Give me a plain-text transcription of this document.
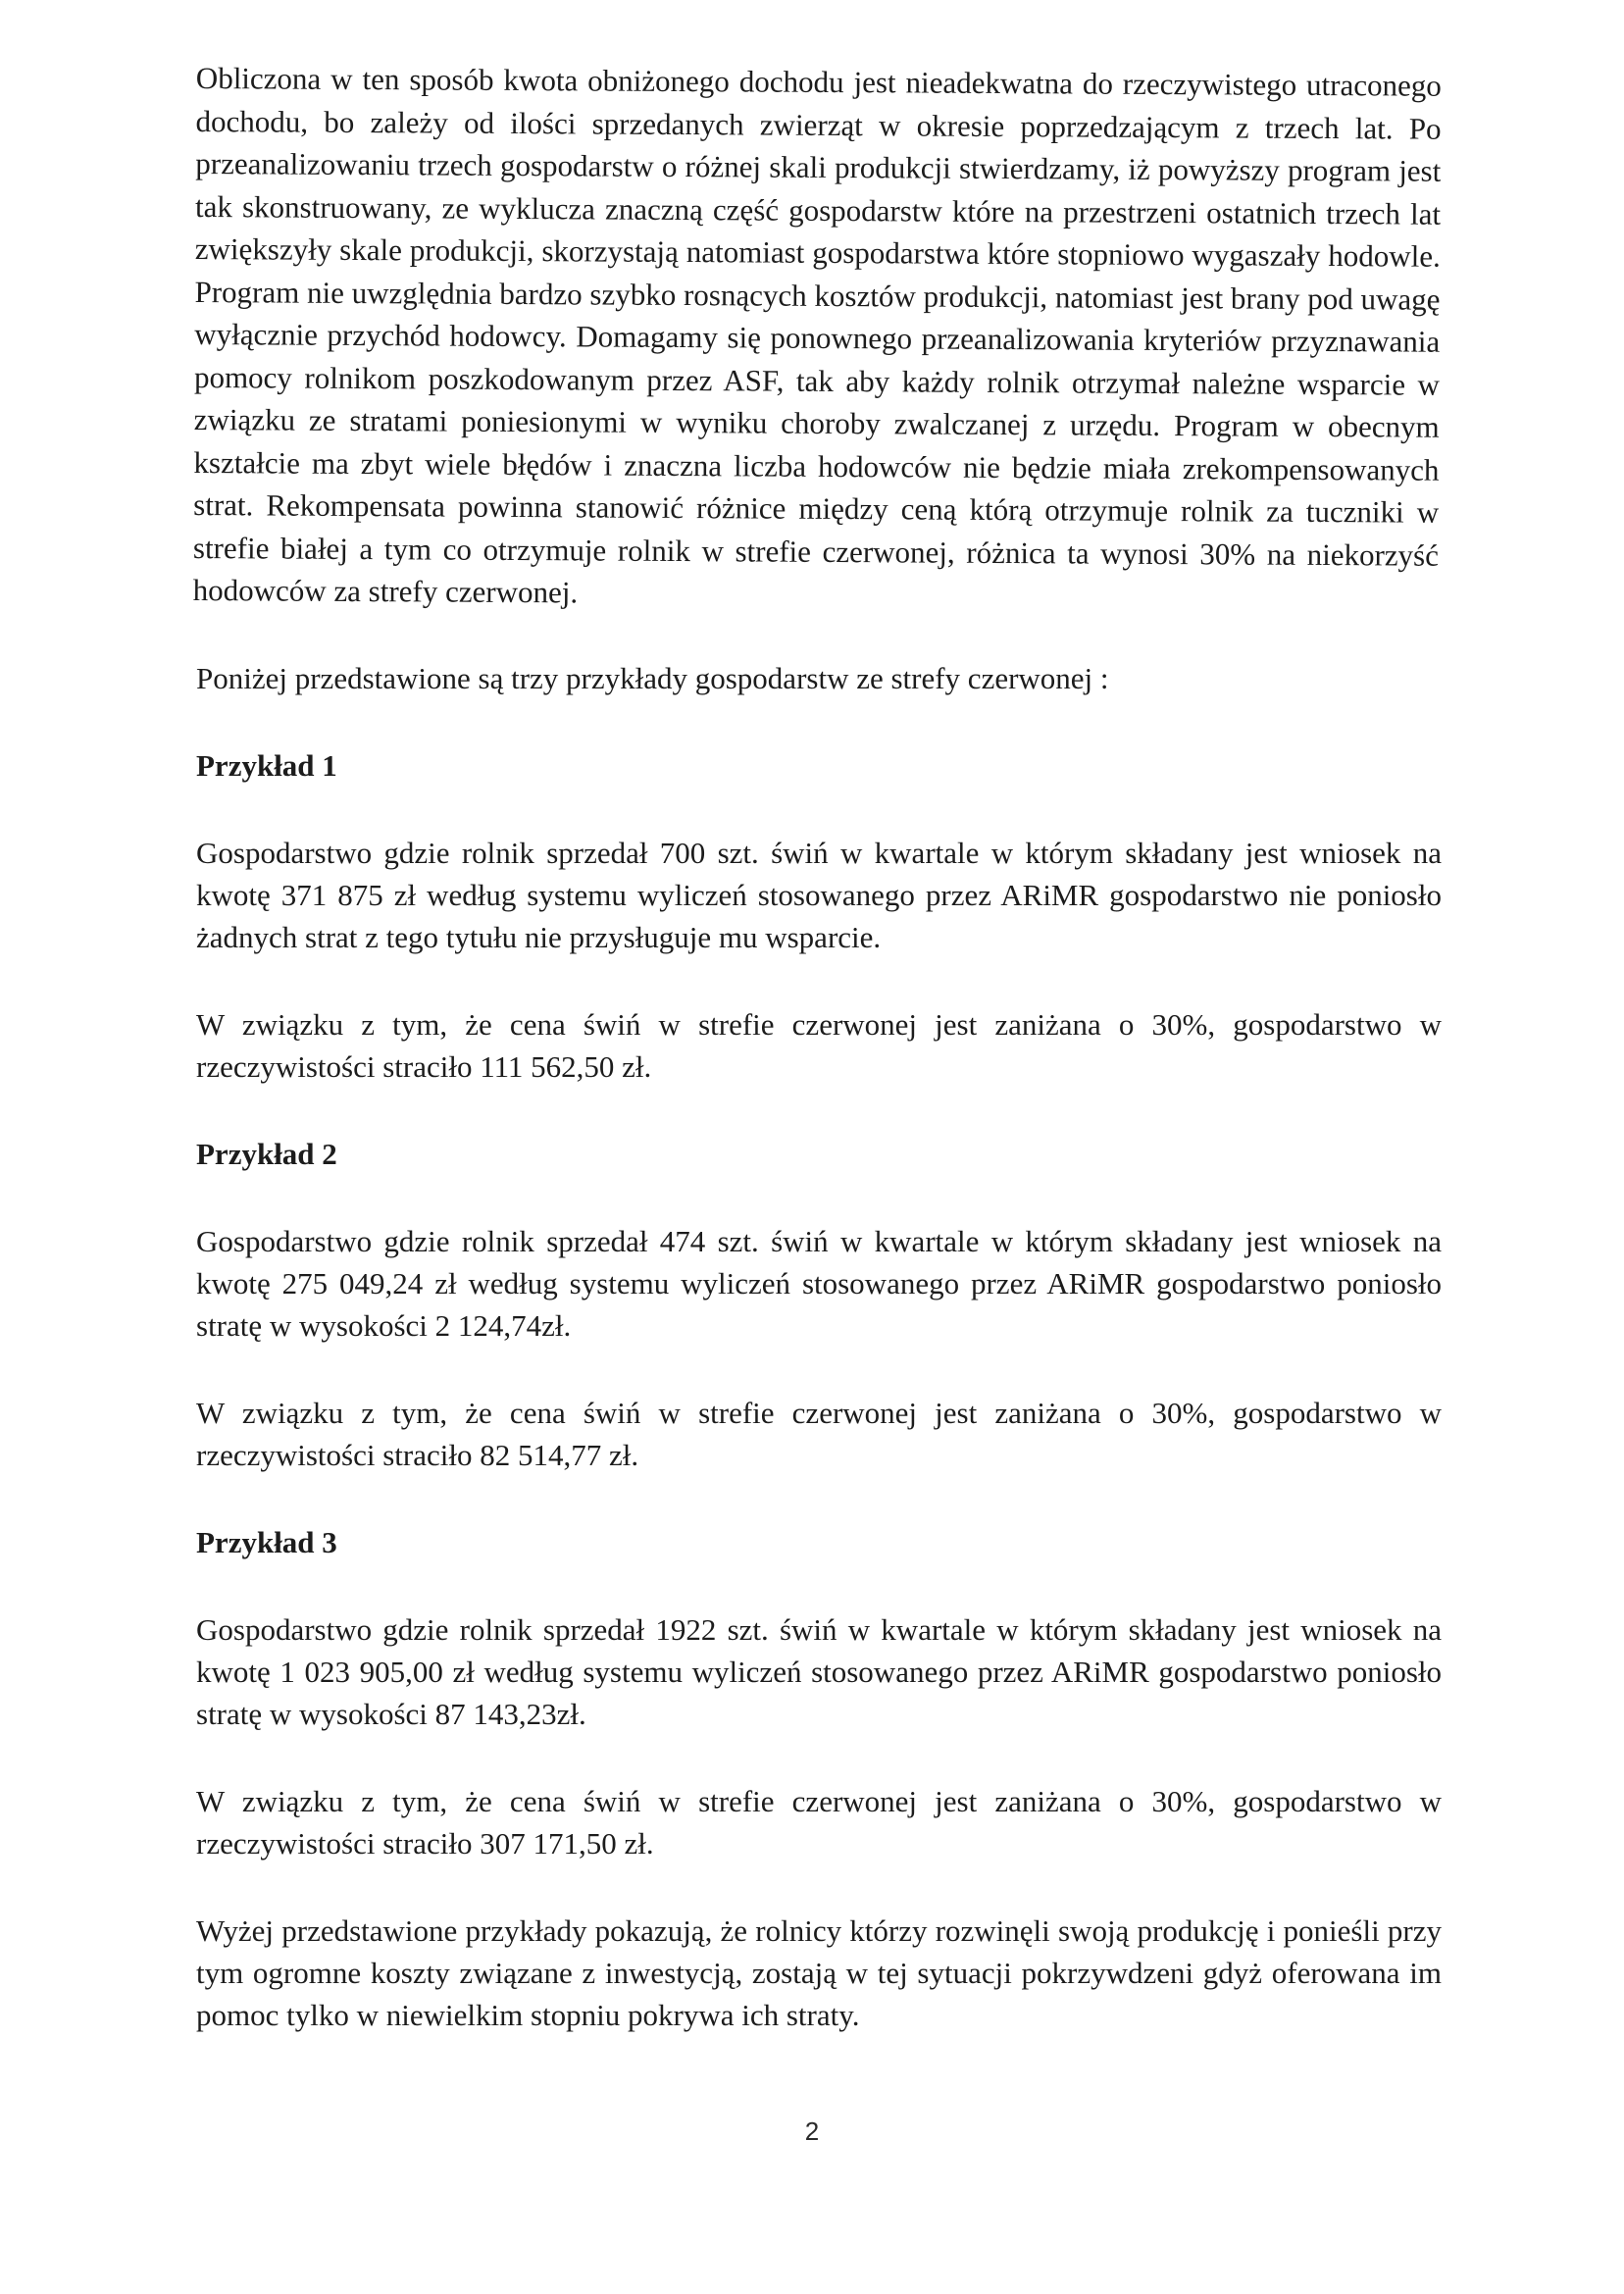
Obliczona w ten sposób kwota obniżonego dochodu jest nieadekwatna do rzeczywistego utraconego dochodu, bo zależy od ilości sprzedanych zwierząt w okresie poprzedzającym z trzech lat. Po przeanalizowaniu trzech gospodarstw o różnej skali produkcji stwierdzamy, iż powyższy program jest tak skonstruowany, ze wyklucza znaczną część gospodarstw które na przestrzeni ostatnich trzech lat zwiększyły skale produkcji, skorzystają natomiast gospodarstwa które stopniowo wygaszały hodowle. Program nie uwzględnia bardzo szybko rosnących kosztów produkcji, natomiast jest brany pod uwagę wyłącznie przychód hodowcy. Domagamy się ponownego przeanalizowania kryteriów przyznawania pomocy rolnikom poszkodowanym przez ASF, tak aby każdy rolnik otrzymał należne wsparcie w związku ze stratami poniesionymi w wyniku choroby zwalczanej z urzędu. Program w obecnym kształcie ma zbyt wiele błędów i znaczna liczba hodowców nie będzie miała zrekompensowanych strat. Rekompensata powinna stanowić różnice między ceną którą otrzymuje rolnik za tuczniki w strefie białej a tym co otrzymuje rolnik w strefie czerwonej, różnica ta wynosi 30% na niekorzyść hodowców za strefy czerwonej.

Poniżej przedstawione są trzy przykłady gospodarstw ze strefy czerwonej :

Przykład 1

Gospodarstwo gdzie rolnik sprzedał 700 szt. świń w kwartale w którym składany jest wniosek na kwotę 371 875 zł według systemu wyliczeń stosowanego przez ARiMR gospodarstwo nie poniosło żadnych strat z tego tytułu nie przysługuje mu wsparcie.

W związku z tym, że cena świń w strefie czerwonej jest zaniżana o 30%, gospodarstwo w rzeczywistości straciło 111 562,50 zł.

Przykład 2

Gospodarstwo gdzie rolnik sprzedał 474 szt. świń w kwartale w którym składany jest wniosek na kwotę 275 049,24 zł według systemu wyliczeń stosowanego przez ARiMR gospodarstwo poniosło stratę w wysokości 2 124,74zł.

W związku z tym, że cena świń w strefie czerwonej jest zaniżana o 30%, gospodarstwo w rzeczywistości straciło 82 514,77 zł.

Przykład 3

Gospodarstwo gdzie rolnik sprzedał 1922 szt. świń w kwartale w którym składany jest wniosek na kwotę 1 023 905,00 zł według systemu wyliczeń stosowanego przez ARiMR gospodarstwo poniosło stratę w wysokości 87 143,23zł.

W związku z tym, że cena świń w strefie czerwonej jest zaniżana o 30%, gospodarstwo w rzeczywistości straciło 307 171,50 zł.

Wyżej przedstawione przykłady pokazują, że rolnicy którzy rozwinęli swoją produkcję i ponieśli przy tym ogromne koszty związane z inwestycją, zostają w tej sytuacji pokrzywdzeni gdyż oferowana im pomoc tylko w niewielkim stopniu pokrywa ich straty.

2
